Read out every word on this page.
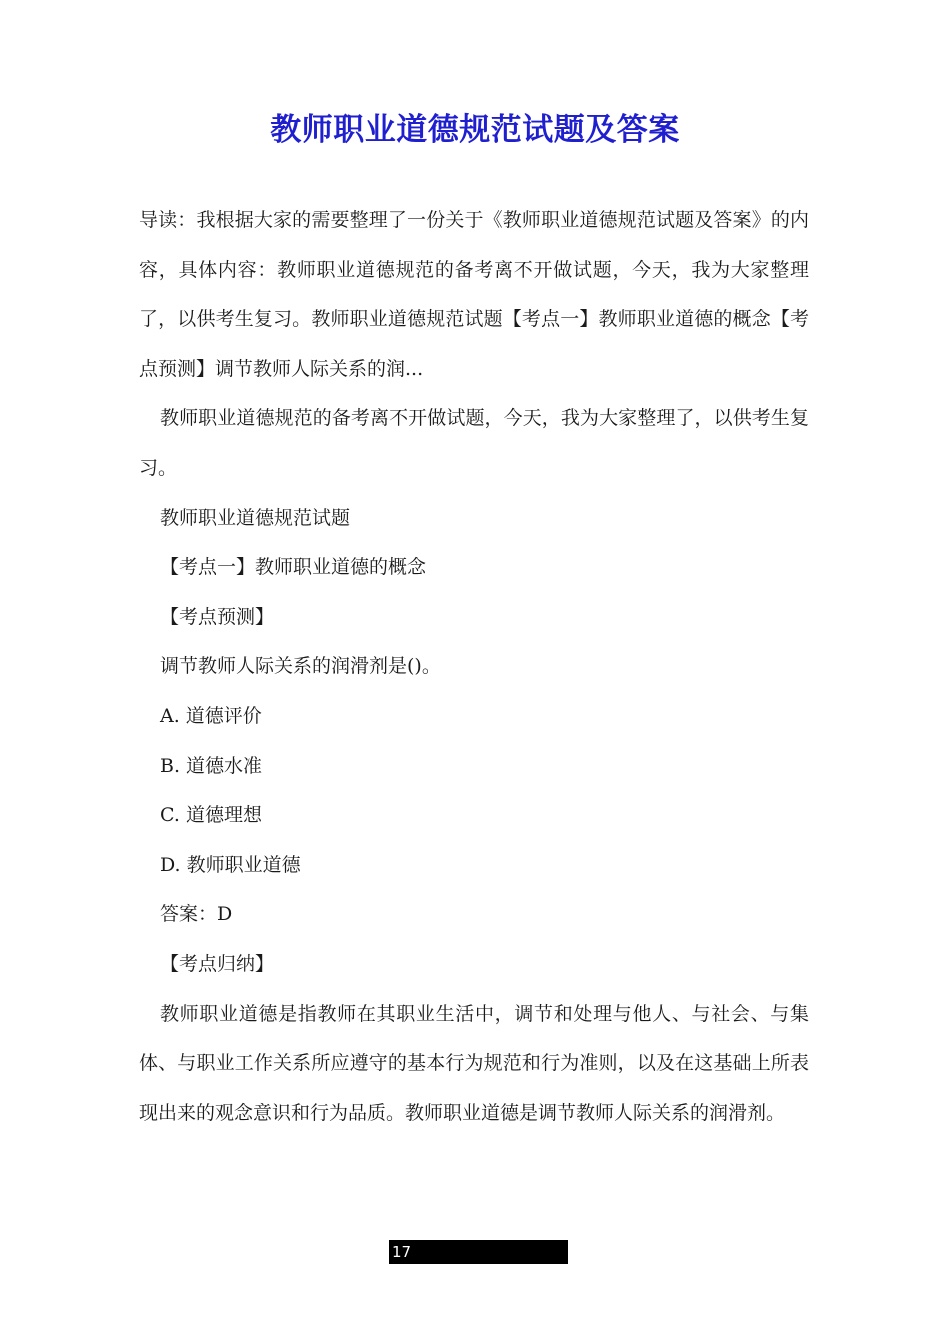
教师职业道德规范试题及答案

导读：我根据大家的需要整理了一份关于《教师职业道德规范试题及答案》的内容，具体内容：教师职业道德规范的备考离不开做试题，今天，我为大家整理了，以供考生复习。教师职业道德规范试题【考点一】教师职业道德的概念【考点预测】调节教师人际关系的润...

教师职业道德规范的备考离不开做试题，今天，我为大家整理了，以供考生复习。

教师职业道德规范试题

【考点一】教师职业道德的概念

【考点预测】

调节教师人际关系的润滑剂是()。

A. 道德评价

B. 道德水准

C. 道德理想

D. 教师职业道德

答案：D

【考点归纳】

教师职业道德是指教师在其职业生活中，调节和处理与他人、与社会、与集体、与职业工作关系所应遵守的基本行为规范和行为准则，以及在这基础上所表现出来的观念意识和行为品质。教师职业道德是调节教师人际关系的润滑剂。

17
